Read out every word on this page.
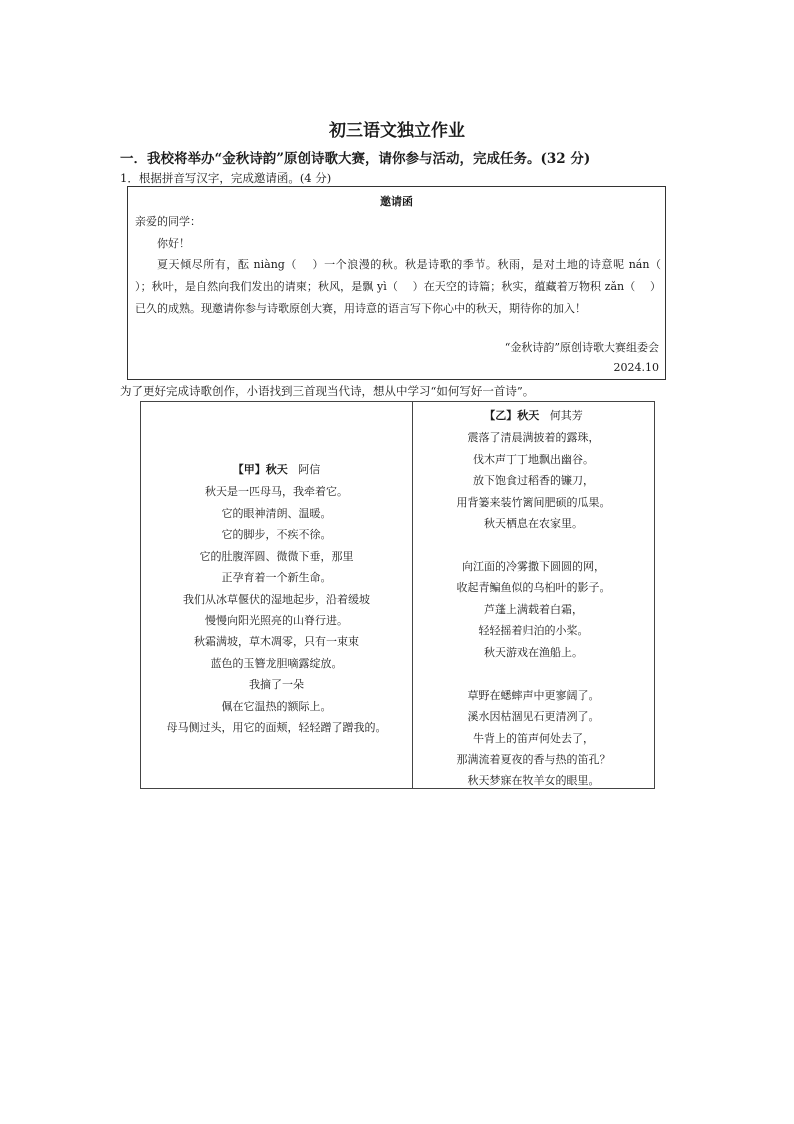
初三语文独立作业
一．我校将举办“金秋诗韵”原创诗歌大赛，请你参与活动，完成任务。(32 分)
1．根据拼音写汉字，完成邀请函。(4 分)
邀请函
亲爱的同学：
你好！
夏天倾尽所有，酝 niàng（　 ）一个浪漫的秋。秋是诗歌的季节。秋雨，是对土地的诗意呢 nán（　 ）；秋叶，是自然向我们发出的请柬；秋风，是飘 yì（　 ）在天空的诗篇；秋实，蕴藏着万物积 zǎn（　 ）已久的成熟。现邀请你参与诗歌原创大赛，用诗意的语言写下你心中的秋天，期待你的加入！
“金秋诗韵”原创诗歌大赛组委会
2024.10
为了更好完成诗歌创作，小语找到三首现当代诗，想从中学习“如何写好一首诗”。
【甲】秋天 阿信
秋天是一匹母马，我牵着它。
它的眼神清朗、温暖。
它的脚步，不疾不徐。
它的肚腹浑圆、微微下垂，那里
正孕育着一个新生命。
我们从冰草偃伏的湿地起步，沿着缓坡
慢慢向阳光照亮的山脊行进。
秋霜满坡，草木凋零，只有一束束
蓝色的玉簪龙胆嘀露绽放。
我摘了一朵
佩在它温热的额际上。
母马侧过头，用它的面颊，轻轻蹭了蹭我的。
【乙】秋天 何其芳
震落了清晨满披着的露珠，
伐木声丁丁地飘出幽谷。
放下饱食过稻香的镰刀，
用背篓来装竹篱间肥硕的瓜果。
秋天栖息在农家里。
向江面的冷雾撒下圆圆的网，
收起青鳊鱼似的乌桕叶的影子。
芦蓬上满载着白霜，
轻轻摇着归泊的小桨。
秋天游戏在渔船上。
草野在蟋蟀声中更寥阔了。
溪水因枯涸见石更清冽了。
牛背上的笛声何处去了，
那满流着夏夜的香与热的笛孔？
秋天梦寐在牧羊女的眼里。
